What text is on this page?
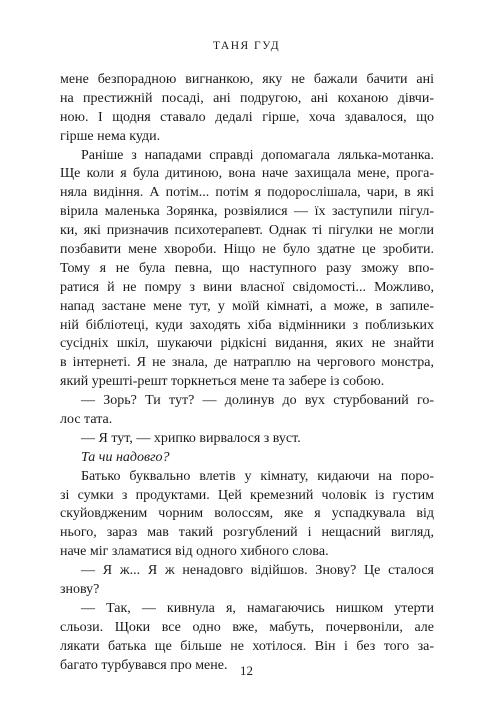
ТАНЯ ГУД
мене безпорадною вигнанкою, яку не бажали бачити ані
на престижній посаді, ані подругою, ані коханою дівчи-
ною. І щодня ставало дедалі гірше, хоча здавалося, що
гірше нема куди.
Раніше з нападами справді допомагала лялька-мотанка.
Ще коли я була дитиною, вона наче захищала мене, прога-
няла видіння. А потім... потім я подорослішала, чари, в які
вірила маленька Зорянка, розвіялися — їх заступили пігул-
ки, які призначив психотерапевт. Однак ті пігулки не могли
позбавити мене хвороби. Ніщо не було здатне це зробити.
Тому я не була певна, що наступного разу зможу впо-
ратися й не помру з вини власної свідомості... Можливо,
напад застане мене тут, у моїй кімнаті, а може, в запиле-
ній бібліотеці, куди заходять хіба відмінники з поблизьких
сусідніх шкіл, шукаючи рідкісні видання, яких не знайти
в інтернеті. Я не знала, де натраплю на чергового монстра,
який урешті-решт торкнеться мене та забере із собою.
— Зорь? Ти тут? — долинув до вух стурбований го-
лос тата.
— Я тут, — хрипко вирвалося з вуст.
Та чи надовго?
Батько буквально влетів у кімнату, кидаючи на поро-
зі сумки з продуктами. Цей кремезний чоловік із густим
скуйовдженим чорним волоссям, яке я успадкувала від
нього, зараз мав такий розгублений і нещасний вигляд,
наче міг зламатися від одного хибного слова.
— Я ж... Я ж ненадовго відійшов. Знову? Це сталося
знову?
— Так, — кивнула я, намагаючись нишком утерти
сльози. Щоки все одно вже, мабуть, почервоніли, але
лякати батька ще більше не хотілося. Він і без того за-
багато турбувався про мене. 12
